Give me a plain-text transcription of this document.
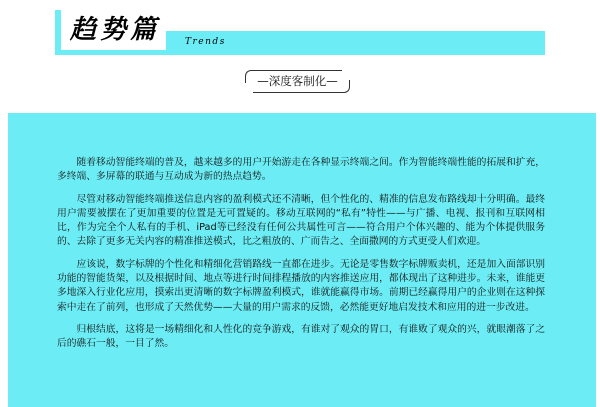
趋势篇	Trends
—深度客制化—

随着移动智能终端的普及，越来越多的用户开始游走在各种显示终端之间。作为智能终端性能的拓展和扩充，多终端、多屏幕的联通与互动成为新的热点趋势。

尽管对移动智能终端推送信息内容的盈利模式还不清晰，但个性化的、精准的信息发布路线却十分明确。最终用户需要被摆在了更加重要的位置是无可置疑的。移动互联网的“私有”特性——与广播、电视、报刊和互联网相比，作为完全个人私有的手机、iPad等已经没有任何公共属性可言——符合用户个体兴趣的、能为个体提供服务的、去除了更多无关内容的精准推送模式，比之粗放的、广而告之、全面撒网的方式更受人们欢迎。

应该说，数字标牌的个性化和精细化营销路线一直都在进步。无论是零售数字标牌贩卖机，还是加入面部识别功能的智能货架，以及根据时间、地点等进行时间排程播放的内容推送应用，都体现出了这种进步。未来，谁能更多地深入行业化应用，摸索出更清晰的数字标牌盈利模式，谁就能赢得市场。前期已经赢得用户的企业则在这种探索中走在了前列，也形成了天然优势——大量的用户需求的反馈，必然能更好地启发技术和应用的进一步改进。

归根结底，这将是一场精细化和人性化的竞争游戏，有谁对了观众的胃口，有谁败了观众的兴，就眼潮落了之后的礁石一般，一目了然。
